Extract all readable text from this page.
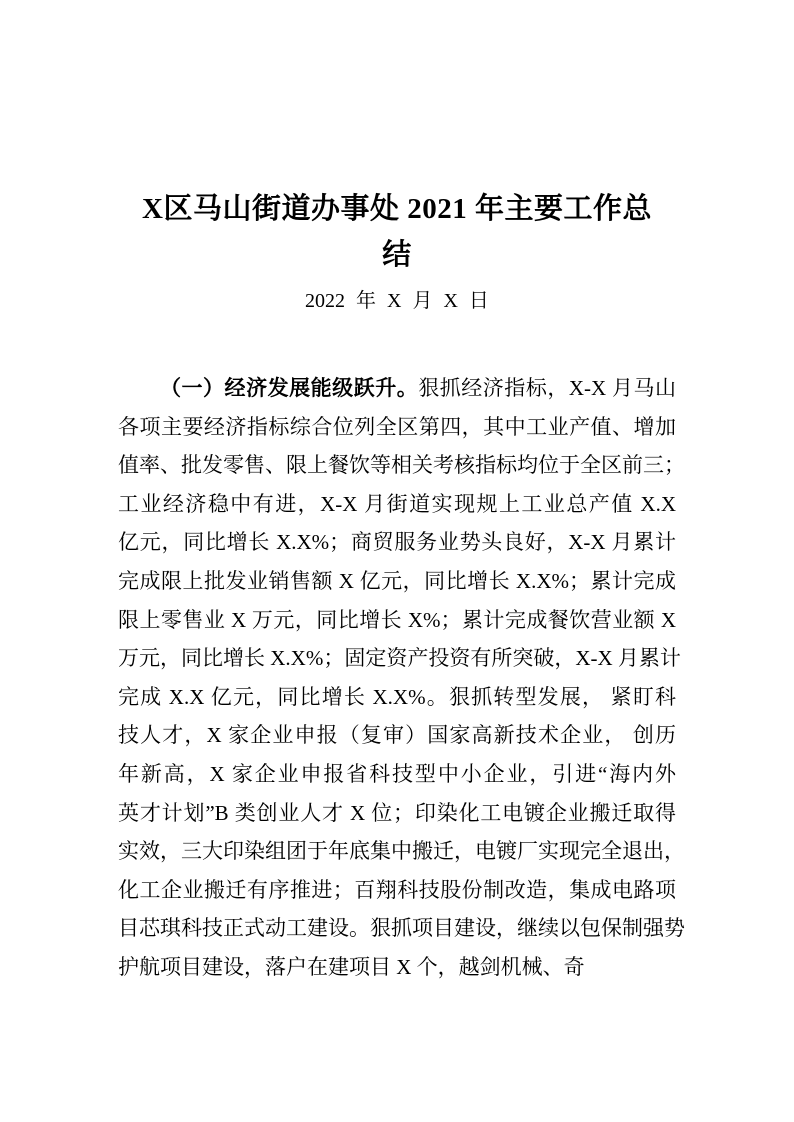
X区马山街道办事处 2021 年主要工作总
结
2022 年 X 月 X 日
（一）经济发展能级跃升。狠抓经济指标，X-X 月马山
各项主要经济指标综合位列全区第四，其中工业产值、增加
值率、批发零售、限上餐饮等相关考核指标均位于全区前三；
工业经济稳中有进，X-X 月街道实现规上工业总产值 X.X
亿元，同比增长 X.X%；商贸服务业势头良好，X-X 月累计
完成限上批发业销售额 X 亿元，同比增长 X.X%；累计完成
限上零售业 X 万元，同比增长 X%；累计完成餐饮营业额 X
万元，同比增长 X.X%；固定资产投资有所突破，X-X 月累计
完成 X.X 亿元，同比增长 X.X%。狠抓转型发展， 紧盯科
技人才，X 家企业申报（复审）国家高新技术企业， 创历
年新高，X 家企业申报省科技型中小企业，引进“海内外
英才计划”B 类创业人才 X 位；印染化工电镀企业搬迁取得
实效，三大印染组团于年底集中搬迁，电镀厂实现完全退出，
化工企业搬迁有序推进；百翔科技股份制改造，集成电路项
目芯琪科技正式动工建设。狠抓项目建设，继续以包保制强势
护航项目建设，落户在建项目 X 个，越剑机械、奇
